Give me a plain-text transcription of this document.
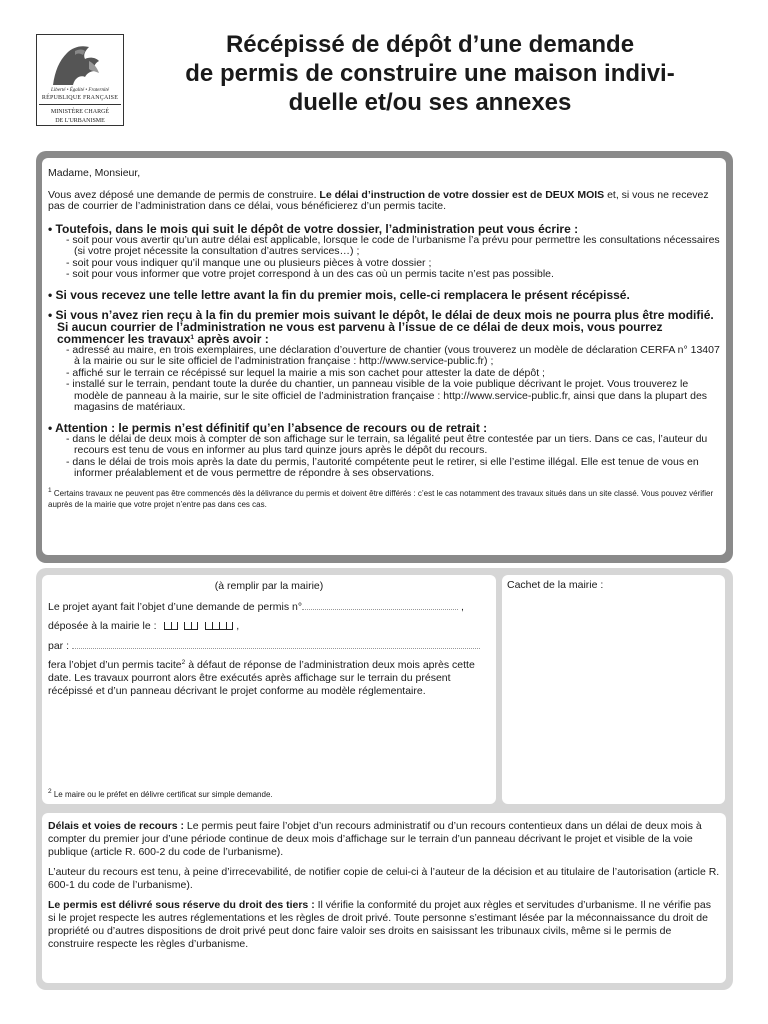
Liberté • Égalité • Fraternité
RÉPUBLIQUE FRANÇAISE
MINISTÈRE CHARGÉ
DE L'URBANISME
Récépissé de dépôt d’une demande
de permis de construire une maison indivi-
duelle et/ou ses annexes
Madame, Monsieur,
Vous avez déposé une demande de permis de construire. Le délai d’instruction de votre dossier est de DEUX MOIS et, si vous ne recevez pas de courrier de l’administration dans ce délai, vous bénéficierez d’un permis tacite.
• Toutefois, dans le mois qui suit le dépôt de votre dossier, l’administration peut vous écrire :
- soit pour vous avertir qu’un autre délai est applicable, lorsque le code de l’urbanisme l’a prévu pour permettre les consultations nécessaires (si votre projet nécessite la consultation d’autres services…) ;
- soit pour vous indiquer qu’il manque une ou plusieurs pièces à votre dossier ;
- soit pour vous informer que votre projet correspond à un des cas où un permis tacite n’est pas possible.
• Si vous recevez une telle lettre avant la fin du premier mois, celle-ci remplacera le présent récépissé.
• Si vous n’avez rien reçu à la fin du premier mois suivant le dépôt, le délai de deux mois ne pourra plus être modifié. Si aucun courrier de l’administration ne vous est parvenu à l’issue de ce délai de deux mois, vous pourrez commencer les travaux$^1$ après avoir :
- adressé au maire, en trois exemplaires, une déclaration d’ouverture de chantier (vous trouverez un modèle de déclaration CERFA n° 13407 à la mairie ou sur le site officiel de l’administration française : http://www.service-public.fr) ;
- affiché sur le terrain ce récépissé sur lequel la mairie a mis son cachet pour attester la date de dépôt ;
- installé sur le terrain, pendant toute la durée du chantier, un panneau visible de la voie publique décrivant le projet. Vous trouverez le modèle de panneau à la mairie, sur le site officiel de l’administration française : http://www.service-public.fr, ainsi que dans la plupart des magasins de matériaux.
• Attention : le permis n’est définitif qu’en l’absence de recours ou de retrait :
- dans le délai de deux mois à compter de son affichage sur le terrain, sa légalité peut être contestée par un tiers. Dans ce cas, l’auteur du recours est tenu de vous en informer au plus tard quinze jours après le dépôt du recours.
- dans le délai de trois mois après la date du permis, l’autorité compétente peut le retirer, si elle l’estime illégal. Elle est tenue de vous en informer préalablement et de vous permettre de répondre à ses observations.
$^1$ Certains travaux ne peuvent pas être commencés dès la délivrance du permis et doivent être différés : c’est le cas notamment des travaux situés dans un site classé. Vous pouvez vérifier auprès de la mairie que votre projet n’entre pas dans ces cas.
(à remplir par la mairie)
Le projet ayant fait l’objet d’une demande de permis n°	,
déposée à la mairie le :	,
par :
fera l’objet d’un permis tacite$^2$ à défaut de réponse de l’administration deux mois après cette date. Les travaux pourront alors être exécutés après affichage sur le terrain du présent récépissé et d’un panneau décrivant le projet conforme au modèle réglementaire.
$^2$ Le maire ou le préfet en délivre certificat sur simple demande.
Cachet de la mairie :
Délais et voies de recours : Le permis peut faire l’objet d’un recours administratif ou d’un recours contentieux dans un délai de deux mois à compter du premier jour d’une période continue de deux mois d’affichage sur le terrain d’un panneau décrivant le projet et visible de la voie publique (article R. 600-2 du code de l’urbanisme).
L’auteur du recours est tenu, à peine d’irrecevabilité, de notifier copie de celui-ci à l’auteur de la décision et au titulaire de l’autorisation (article R. 600-1 du code de l’urbanisme).
Le permis est délivré sous réserve du droit des tiers : Il vérifie la conformité du projet aux règles et servitudes d’urbanisme. Il ne vérifie pas si le projet respecte les autres réglementations et les règles de droit privé. Toute personne s’estimant lésée par la méconnaissance du droit de propriété ou d’autres dispositions de droit privé peut donc faire valoir ses droits en saisissant les tribunaux civils, même si le permis de construire respecte les règles d’urbanisme.
